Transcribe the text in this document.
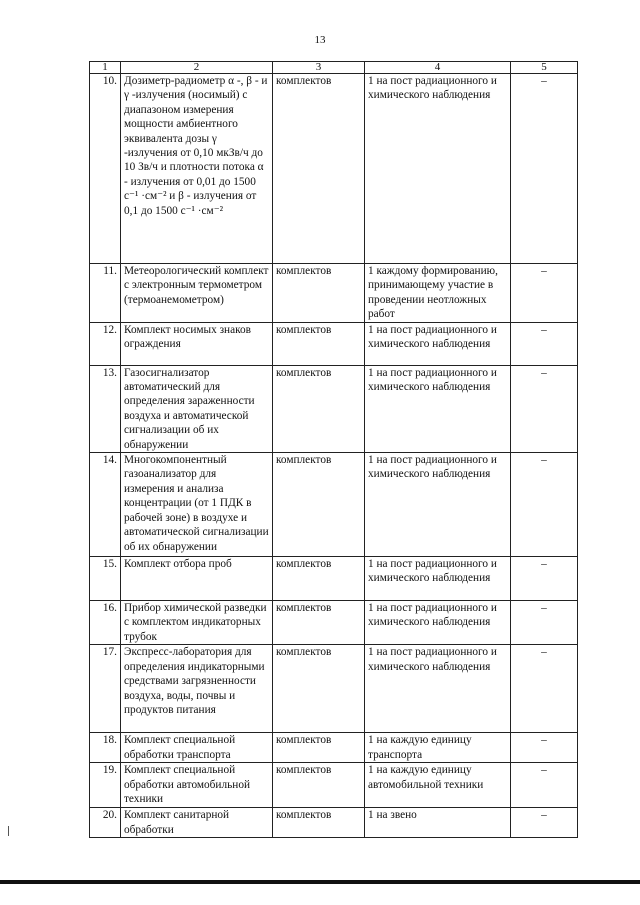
13
1	2	3	4	5
10.	Дозиметр-радиометр α -, β - и γ -излучения (носимый) с диапазоном измерения мощности амбиентного эквивалента дозы γ -излучения от 0,10 мкЗв/ч до 10 Зв/ч и плотности потока α - излучения от 0,01 до 1500 с⁻¹ ·см⁻² и β - излучения от 0,1 до 1500 с⁻¹ ·см⁻²	комплектов	1 на пост радиационного и химического наблюдения	–
11.	Метеорологический комплект с электронным термометром (термоанемометром)	комплектов	1 каждому формированию, принимающему участие в проведении неотложных работ	–
12.	Комплект носимых знаков ограждения	комплектов	1 на пост радиационного и химического наблюдения	–
13.	Газосигнализатор автоматический для определения зараженности воздуха и автоматической сигнализации об их обнаружении	комплектов	1 на пост радиационного и химического наблюдения	–
14.	Многокомпонентный газоанализатор для измерения и анализа концентрации (от 1 ПДК в рабочей зоне) в воздухе и автоматической сигнализации об их обнаружении	комплектов	1 на пост радиационного и химического наблюдения	–
15.	Комплект отбора проб	комплектов	1 на пост радиационного и химического наблюдения	–
16.	Прибор химической разведки с комплектом индикаторных трубок	комплектов	1 на пост радиационного и химического наблюдения	–
17.	Экспресс-лаборатория для определения индикаторными средствами загрязненности воздуха, воды, почвы и продуктов питания	комплектов	1 на пост радиационного и химического наблюдения	–
18.	Комплект специальной обработки транспорта	комплектов	1 на каждую единицу транспорта	–
19.	Комплект специальной обработки автомобильной техники	комплектов	1 на каждую единицу автомобильной техники	–
20.	Комплект санитарной обработки	комплектов	1 на звено	–
